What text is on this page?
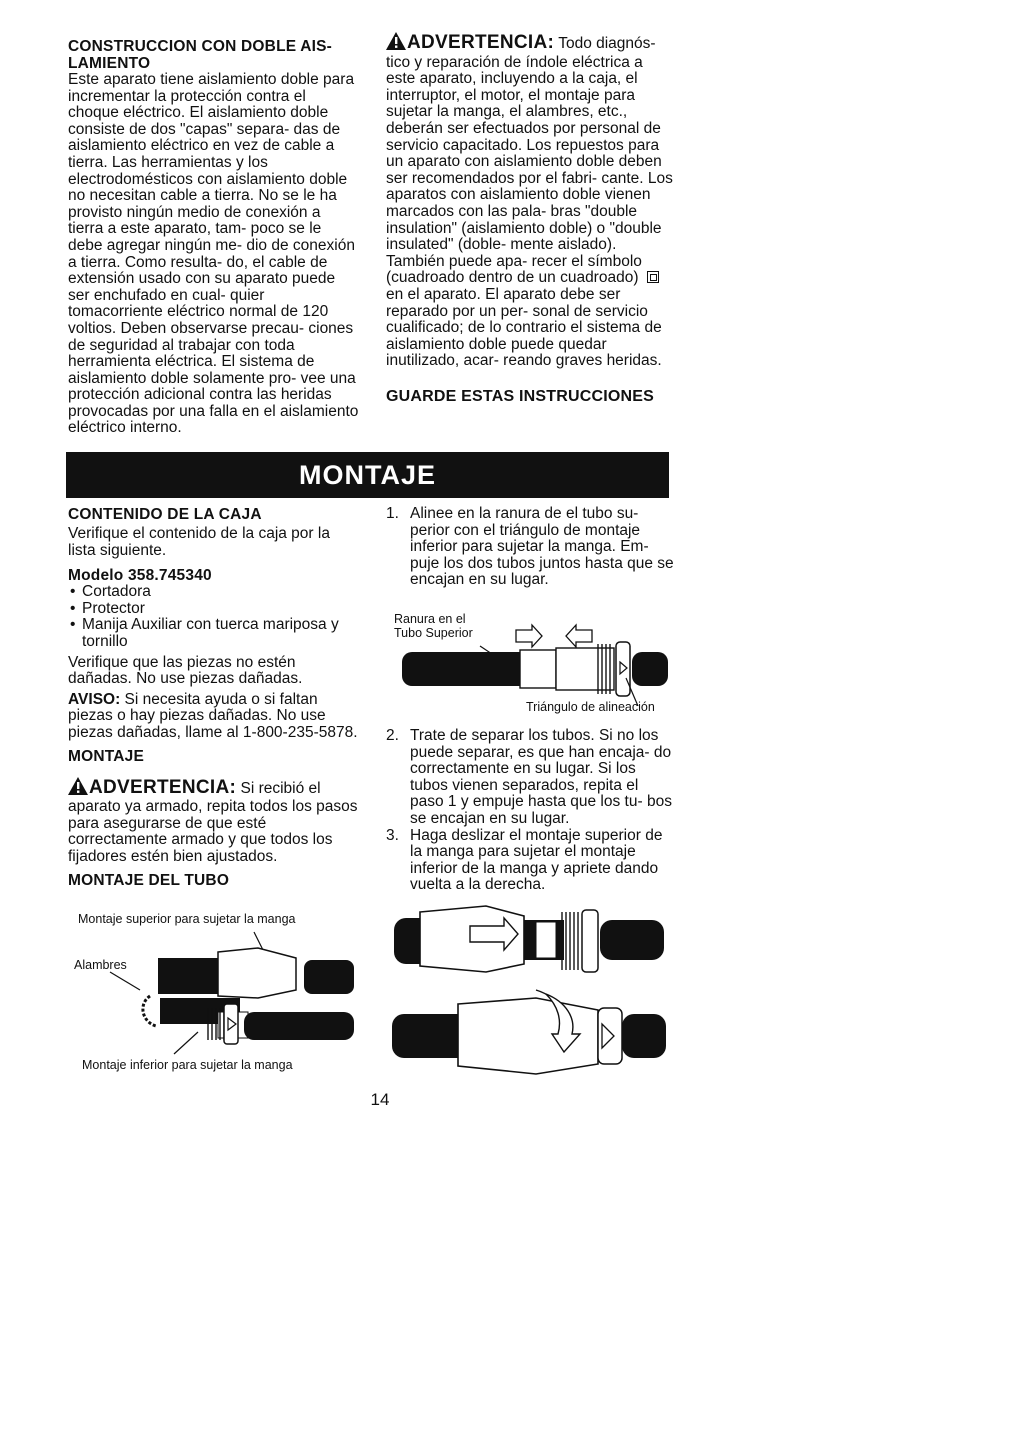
CONSTRUCCION CON DOBLE AIS-
LAMIENTO

Este aparato tiene aislamiento doble para incrementar la protección contra el choque eléctrico. El aislamiento doble consiste de dos "capas" separa- das de aislamiento eléctrico en vez de cable a tierra. Las herramientas y los electrodomésticos con aislamiento doble no necesitan cable a tierra. No se le ha provisto ningún medio de conexión a tierra a este aparato, tam- poco se le debe agregar ningún me- dio de conexión a tierra. Como resulta- do, el cable de extensión usado con su aparato puede ser enchufado en cual- quier tomacorriente eléctrico normal de 120 voltios. Deben observarse precau- ciones de seguridad al trabajar con toda herramienta eléctrica. El sistema de aislamiento doble solamente pro- vee una protección adicional contra las heridas provocadas por una falla en el aislamiento eléctrico interno.

ADVERTENCIA: Todo diagnós- tico y reparación de índole eléctrica a este aparato, incluyendo a la caja, el interruptor, el motor, el montaje para sujetar la manga, el alambres, etc., deberán ser efectuados por personal de servicio capacitado. Los repuestos para un aparato con aislamiento doble deben ser recomendados por el fabri- cante. Los aparatos con aislamiento doble vienen marcados con las pala- bras "double insulation" (aislamiento doble) o "double insulated" (doble- mente aislado). También puede apa- recer el símbolo (cuadroado dentro de un cuadroado)  en el aparato. El aparato debe ser reparado por un per- sonal de servicio cualificado; de lo contrario el sistema de aislamiento doble puede quedar inutilizado, acar- reando graves heridas.

GUARDE ESTAS INSTRUCCIONES

MONTAJE

CONTENIDO DE LA CAJA

Verifique el contenido de la caja por la lista siguiente.

Modelo 358.745340

• Cortadora
• Protector
• Manija Auxiliar con tuerca mariposa y tornillo

Verifique que las piezas no estén dañadas. No use piezas dañadas.

AVISO: Si necesita ayuda o si faltan piezas o hay piezas dañadas. No use piezas dañadas, llame al 1-800-235-5878.

MONTAJE

ADVERTENCIA: Si recibió el aparato ya armado, repita todos los pasos para asegurarse de que esté correctamente armado y que todos los fijadores estén bien ajustados.

MONTAJE DEL TUBO

Montaje superior para sujetar la manga
Alambres
Montaje inferior para sujetar la manga
1. Alinee en la ranura de el tubo su- perior con el triángulo de montaje inferior para sujetar la manga. Em- puje los dos tubos juntos hasta que se encajan en su lugar.
Ranura en el
Tubo Superior
Triángulo de alineación
2. Trate de separar los tubos. Si no los puede separar, es que han encaja- do correctamente en su lugar. Si los tubos vienen separados, repita el paso 1 y empuje hasta que los tu- bos se encajan en su lugar.
3. Haga deslizar el montaje superior de la manga para sujetar el montaje inferior de la manga y apriete dando vuelta a la derecha.
14
